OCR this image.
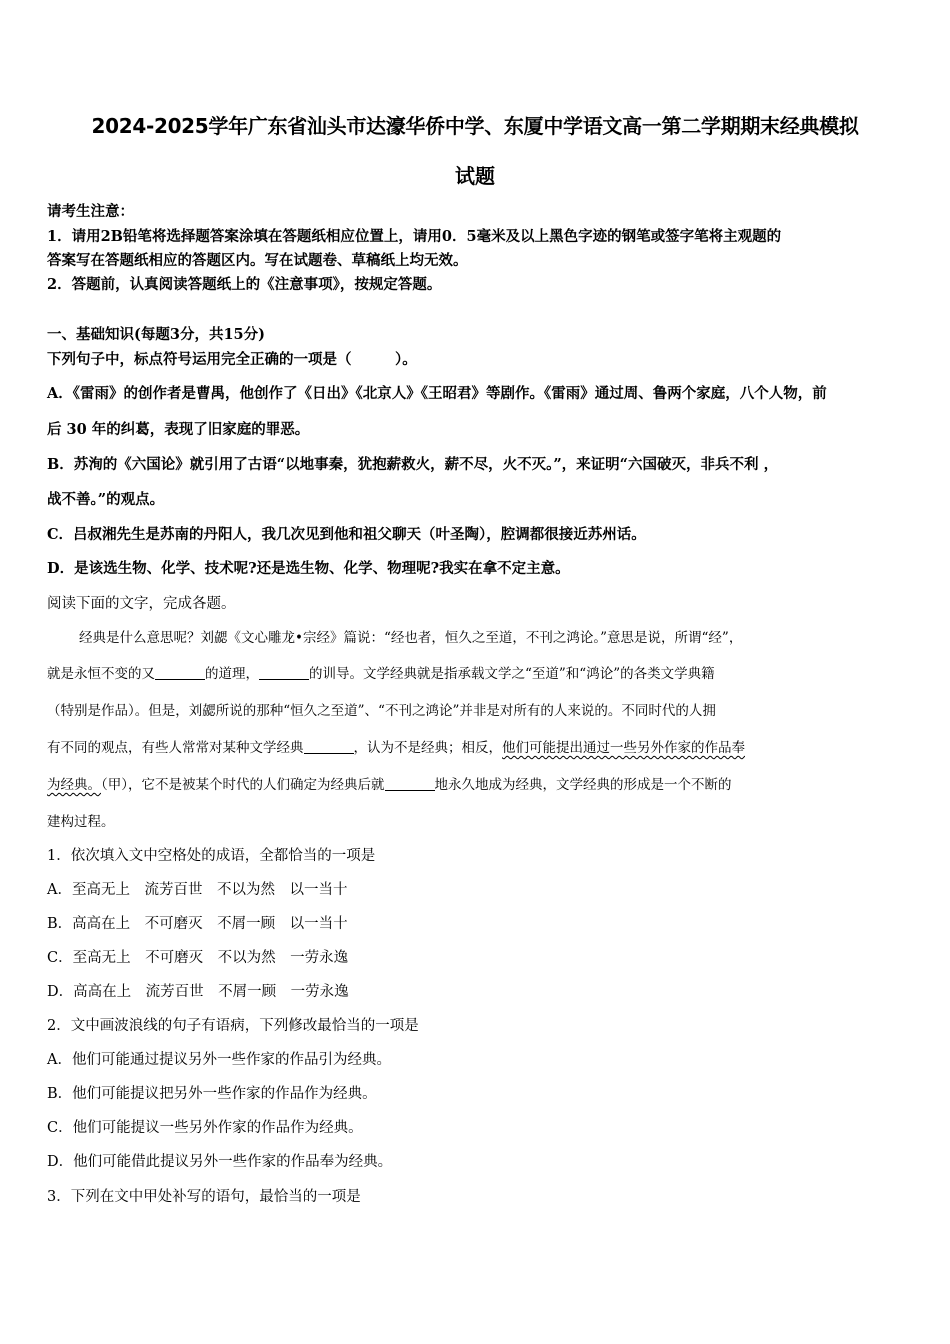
2024-2025学年广东省汕头市达濠华侨中学、东厦中学语文高一第二学期期末经典模拟
试题
请考生注意：
1．请用2B铅笔将选择题答案涂填在答题纸相应位置上，请用0．5毫米及以上黑色字迹的钢笔或签字笔将主观题的
答案写在答题纸相应的答题区内。写在试题卷、草稿纸上均无效。
2．答题前，认真阅读答题纸上的《注意事项》，按规定答题。
一、基础知识(每题3分，共15分)
下列句子中，标点符号运用完全正确的一项是（　　　）。
A．《雷雨》的创作者是曹禺，他创作了《日出》《北京人》《王昭君》等剧作。《雷雨》通过周、鲁两个家庭，八个人物，前
后 30 年的纠葛，表现了旧家庭的罪恶。
B．苏洵的《六国论》就引用了古语“以地事秦，犹抱薪救火，薪不尽，火不灭。”，来证明“六国破灭，非兵不利 ，
战不善。”的观点。
C．吕叔湘先生是苏南的丹阳人，我几次见到他和祖父聊天（叶圣陶），腔调都很接近苏州话。
D．是该选生物、化学、技术呢?还是选生物、化学、物理呢?我实在拿不定主意。
阅读下面的文字，完成各题。
经典是什么意思呢？刘勰《文心雕龙•宗经》篇说：“经也者，恒久之至道，不刊之鸿论。”意思是说，所谓“经”，
就是永恒不变的又	的道理，	的训导。文学经典就是指承载文学之“至道”和“鸿论”的各类文学典籍
（特别是作品）。但是，刘勰所说的那种“恒久之至道”、“不刊之鸿论”并非是对所有的人来说的。不同时代的人拥
有不同的观点，有些人常常对某种文学经典	，认为不是经典；相反，他们可能提出通过一些另外作家的作品奉
为经典。（甲），它不是被某个时代的人们确定为经典后就	地永久地成为经典，文学经典的形成是一个不断的
建构过程。
1．依次填入文中空格处的成语，全都恰当的一项是
A．至高无上　流芳百世　不以为然　以一当十
B．高高在上　不可磨灭　不屑一顾　以一当十
C．至高无上　不可磨灭　不以为然　一劳永逸
D．高高在上　流芳百世　不屑一顾　一劳永逸
2．文中画波浪线的句子有语病，下列修改最恰当的一项是
A．他们可能通过提议另外一些作家的作品引为经典。
B．他们可能提议把另外一些作家的作品作为经典。
C．他们可能提议一些另外作家的作品作为经典。
D．他们可能借此提议另外一些作家的作品奉为经典。
3．下列在文中甲处补写的语句，最恰当的一项是
